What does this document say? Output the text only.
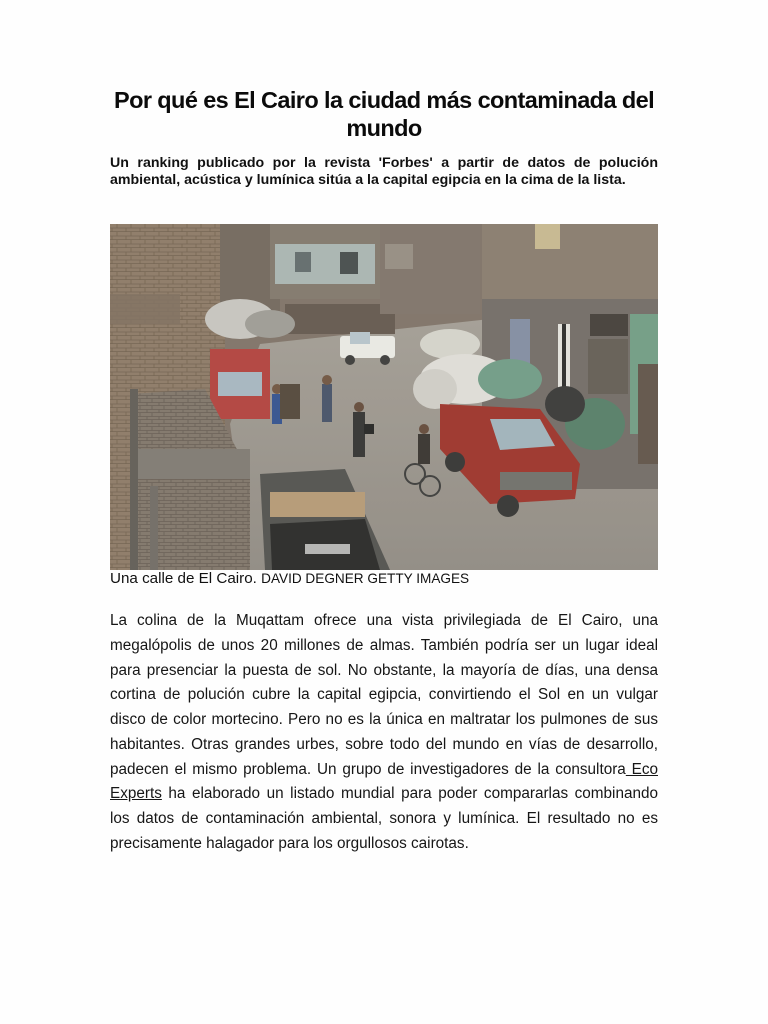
Por qué es El Cairo la ciudad más contaminada del mundo

Un ranking publicado por la revista 'Forbes' a partir de datos de polución ambiental, acústica y lumínica sitúa a la capital egipcia en la cima de la lista.

Una calle de El Cairo. DAVID DEGNER GETTY IMAGES

La colina de la Muqattam ofrece una vista privilegiada de El Cairo, una megalópolis de unos 20 millones de almas. También podría ser un lugar ideal para presenciar la puesta de sol. No obstante, la mayoría de días, una densa cortina de polución cubre la capital egipcia, convirtiendo el Sol en un vulgar disco de color mortecino. Pero no es la única en maltratar los pulmones de sus habitantes. Otras grandes urbes, sobre todo del mundo en vías de desarrollo, padecen el mismo problema. Un grupo de investigadores de la consultora Eco Experts ha elaborado un listado mundial para poder compararlas combinando los datos de contaminación ambiental, sonora y lumínica. El resultado no es precisamente halagador para los orgullosos cairotas.
